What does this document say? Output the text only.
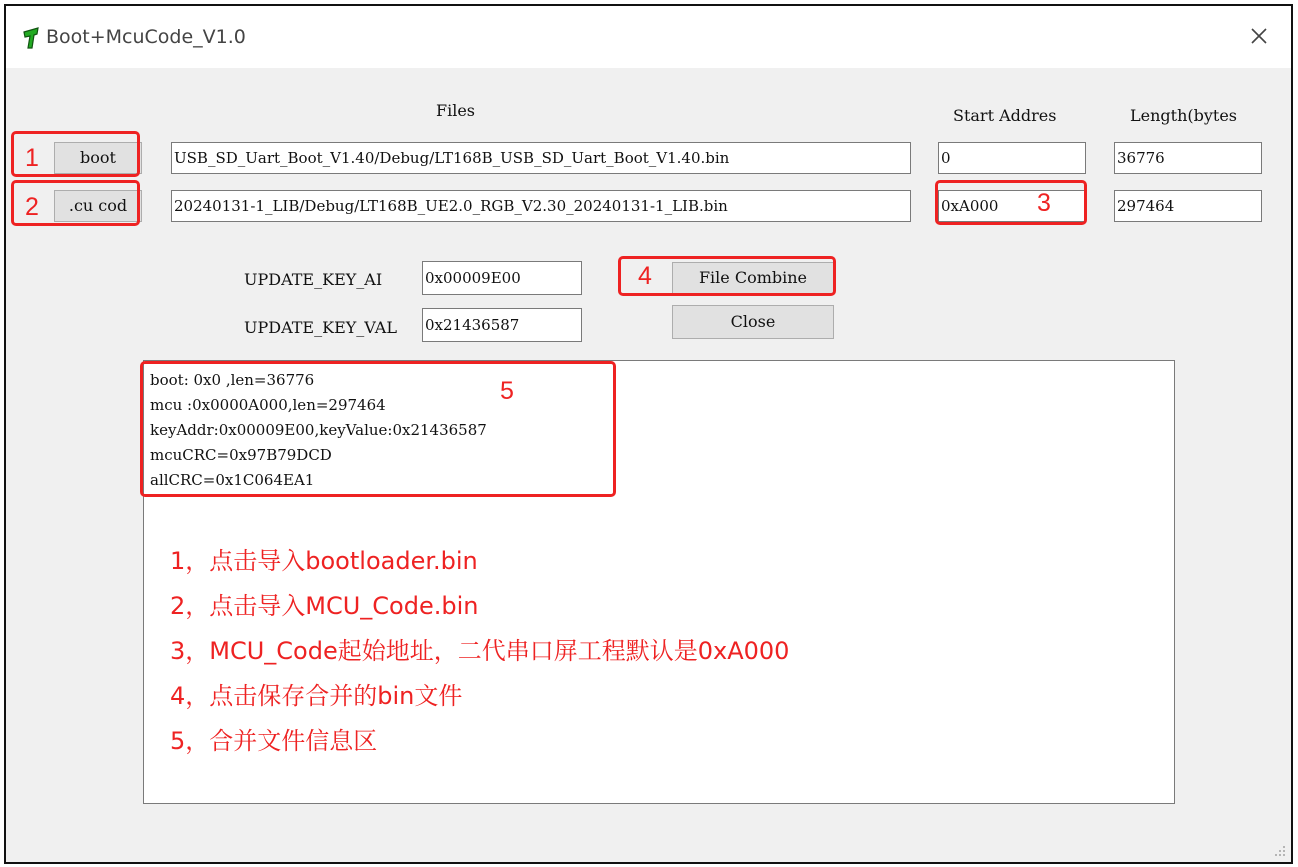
Boot+McuCode_V1.0
Files	Start Addres	Length(bytes
boot	USB_SD_Uart_Boot_V1.40/Debug/LT168B_USB_SD_Uart_Boot_V1.40.bin	0	36776
.cu cod	20240131-1_LIB/Debug/LT168B_UE2.0_RGB_V2.30_20240131-1_LIB.bin	0xA000	297464
UPDATE_KEY_AI	0x00009E00
UPDATE_KEY_VAL	0x21436587
File Combine
Close
boot: 0x0 ,len=36776
mcu :0x0000A000,len=297464
keyAddr:0x00009E00,keyValue:0x21436587
mcuCRC=0x97B79DCD
allCRC=0x1C064EA1
1，点击导入bootloader.bin
2，点击导入MCU_Code.bin
3，MCU_Code起始地址，二代串口屏工程默认是0xA000
4，点击保存合并的bin文件
5，合并文件信息区
1
2	3
4
5
